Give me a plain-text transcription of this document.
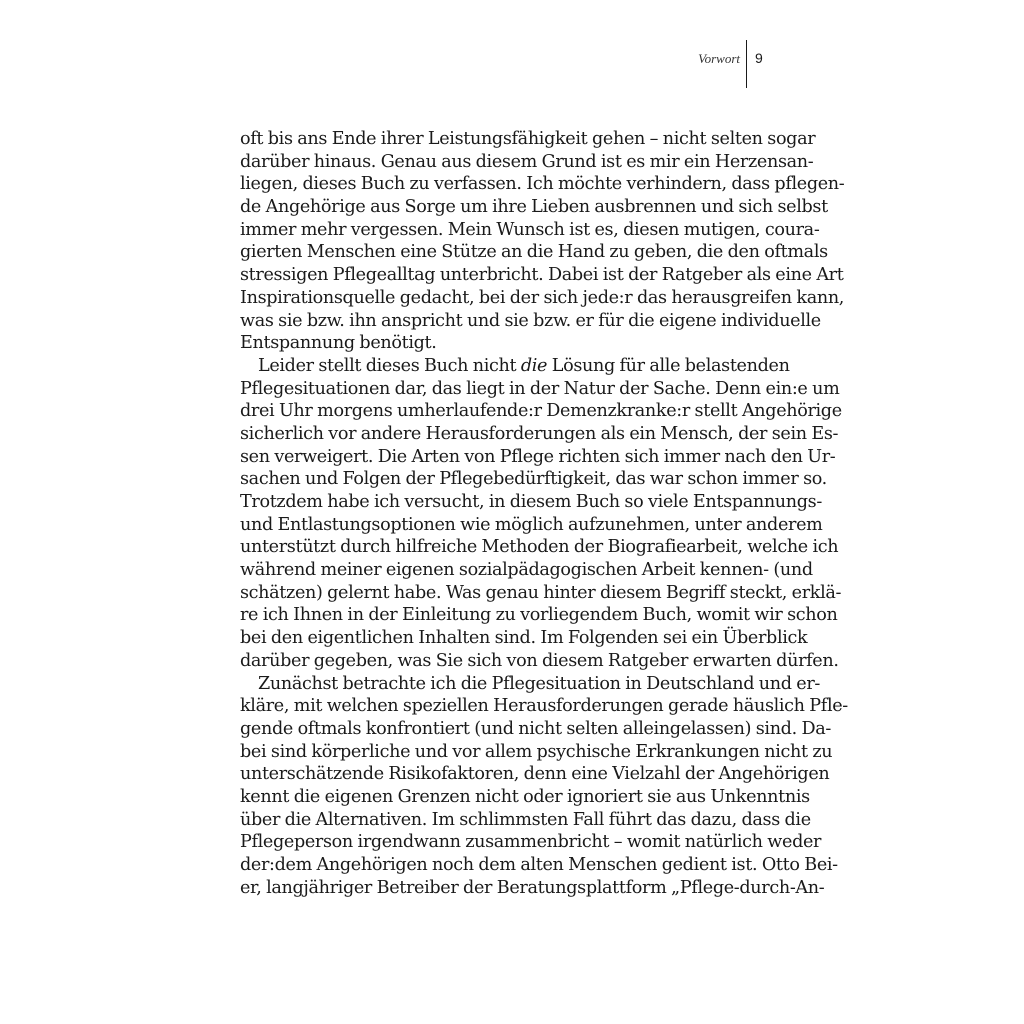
Vorwort 9
oft bis ans Ende ihrer Leistungsfähigkeit gehen – nicht selten sogar
darüber hinaus. Genau aus diesem Grund ist es mir ein Herzensan-
liegen, dieses Buch zu verfassen. Ich möchte verhindern, dass pflegen-
de Angehörige aus Sorge um ihre Lieben ausbrennen und sich selbst
immer mehr vergessen. Mein Wunsch ist es, diesen mutigen, coura-
gierten Menschen eine Stütze an die Hand zu geben, die den oftmals
stressigen Pflegealltag unterbricht. Dabei ist der Ratgeber als eine Art
Inspirationsquelle gedacht, bei der sich jede:r das herausgreifen kann,
was sie bzw. ihn anspricht und sie bzw. er für die eigene individuelle
Entspannung benötigt.
Leider stellt dieses Buch nicht die Lösung für alle belastenden
Pflegesituationen dar, das liegt in der Natur der Sache. Denn ein:e um
drei Uhr morgens umherlaufende:r Demenzkranke:r stellt Angehörige
sicherlich vor andere Herausforderungen als ein Mensch, der sein Es-
sen verweigert. Die Arten von Pflege richten sich immer nach den Ur-
sachen und Folgen der Pflegebedürftigkeit, das war schon immer so.
Trotzdem habe ich versucht, in diesem Buch so viele Entspannungs-
und Entlastungsoptionen wie möglich aufzunehmen, unter anderem
unterstützt durch hilfreiche Methoden der Biografiearbeit, welche ich
während meiner eigenen sozialpädagogischen Arbeit kennen- (und
schätzen) gelernt habe. Was genau hinter diesem Begriff steckt, erklä-
re ich Ihnen in der Einleitung zu vorliegendem Buch, womit wir schon
bei den eigentlichen Inhalten sind. Im Folgenden sei ein Überblick
darüber gegeben, was Sie sich von diesem Ratgeber erwarten dürfen.
Zunächst betrachte ich die Pflegesituation in Deutschland und er-
kläre, mit welchen speziellen Herausforderungen gerade häuslich Pfle-
gende oftmals konfrontiert (und nicht selten alleingelassen) sind. Da-
bei sind körperliche und vor allem psychische Erkrankungen nicht zu
unterschätzende Risikofaktoren, denn eine Vielzahl der Angehörigen
kennt die eigenen Grenzen nicht oder ignoriert sie aus Unkenntnis
über die Alternativen. Im schlimmsten Fall führt das dazu, dass die
Pflegeperson irgendwann zusammenbricht – womit natürlich weder
der:dem Angehörigen noch dem alten Menschen gedient ist. Otto Bei-
er, langjähriger Betreiber der Beratungsplattform „Pflege-durch-An-
